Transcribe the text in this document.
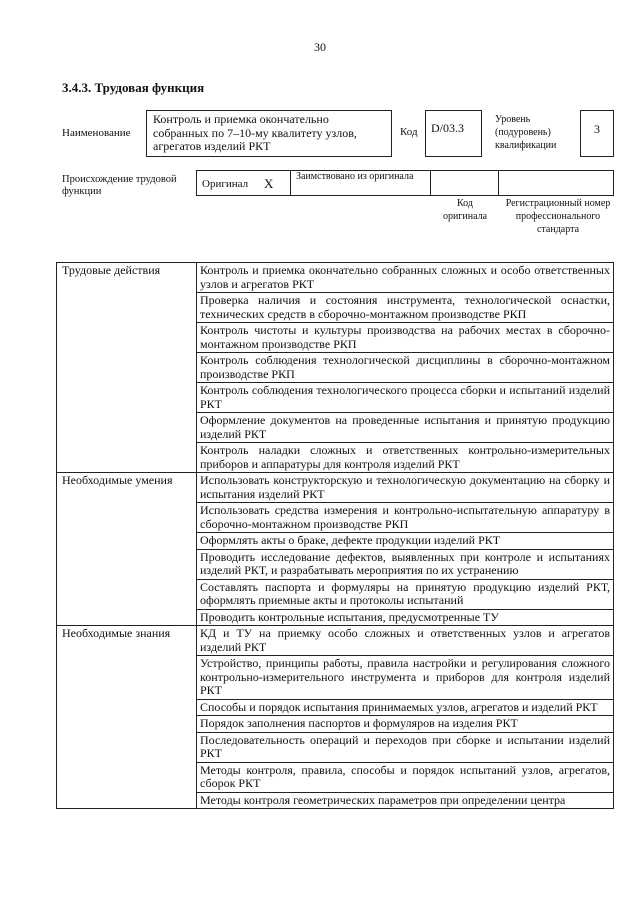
30
3.4.3. Трудовая функция
Наименование
Контроль и приемка окончательно собранных по 7–10-му квалитету узлов, агрегатов изделий РКТ
Код	D/03.3
Уровень (подуровень) квалификации
3
Происхождение трудовой функции
Оригинал X Заимствовано из оригинала
Код оригинала
Регистрационный номер профессионального стандарта
Трудовые действия	Контроль и приемка окончательно собранных сложных и особо ответственных узлов и агрегатов РКТ
	Проверка наличия и состояния инструмента, технологической оснастки, технических средств в сборочно-монтажном производстве РКП
	Контроль чистоты и культуры производства на рабочих местах в сборочно-монтажном производстве РКП
	Контроль соблюдения технологической дисциплины в сборочно-монтажном производстве РКП
	Контроль соблюдения технологического процесса сборки и испытаний изделий РКТ
	Оформление документов на проведенные испытания и принятую продукцию изделий РКТ
	Контроль наладки сложных и ответственных контрольно-измерительных приборов и аппаратуры для контроля изделий РКТ
Необходимые умения	Использовать конструкторскую и технологическую документацию на сборку и испытания изделий РКТ
	Использовать средства измерения и контрольно-испытательную аппаратуру в сборочно-монтажном производстве РКП
	Оформлять акты о браке, дефекте продукции изделий РКТ
	Проводить исследование дефектов, выявленных при контроле и испытаниях изделий РКТ, и разрабатывать мероприятия по их устранению
	Составлять паспорта и формуляры на принятую продукцию изделий РКТ, оформлять приемные акты и протоколы испытаний
	Проводить контрольные испытания, предусмотренные ТУ
Необходимые знания	КД и ТУ на приемку особо сложных и ответственных узлов и агрегатов изделий РКТ
	Устройство, принципы работы, правила настройки и регулирования сложного контрольно-измерительного инструмента и приборов для контроля изделий РКТ
	Способы и порядок испытания принимаемых узлов, агрегатов и изделий РКТ
	Порядок заполнения паспортов и формуляров на изделия РКТ
	Последовательность операций и переходов при сборке и испытании изделий РКТ
	Методы контроля, правила, способы и порядок испытаний узлов, агрегатов, сборок РКТ
	Методы контроля геометрических параметров при определении центра
